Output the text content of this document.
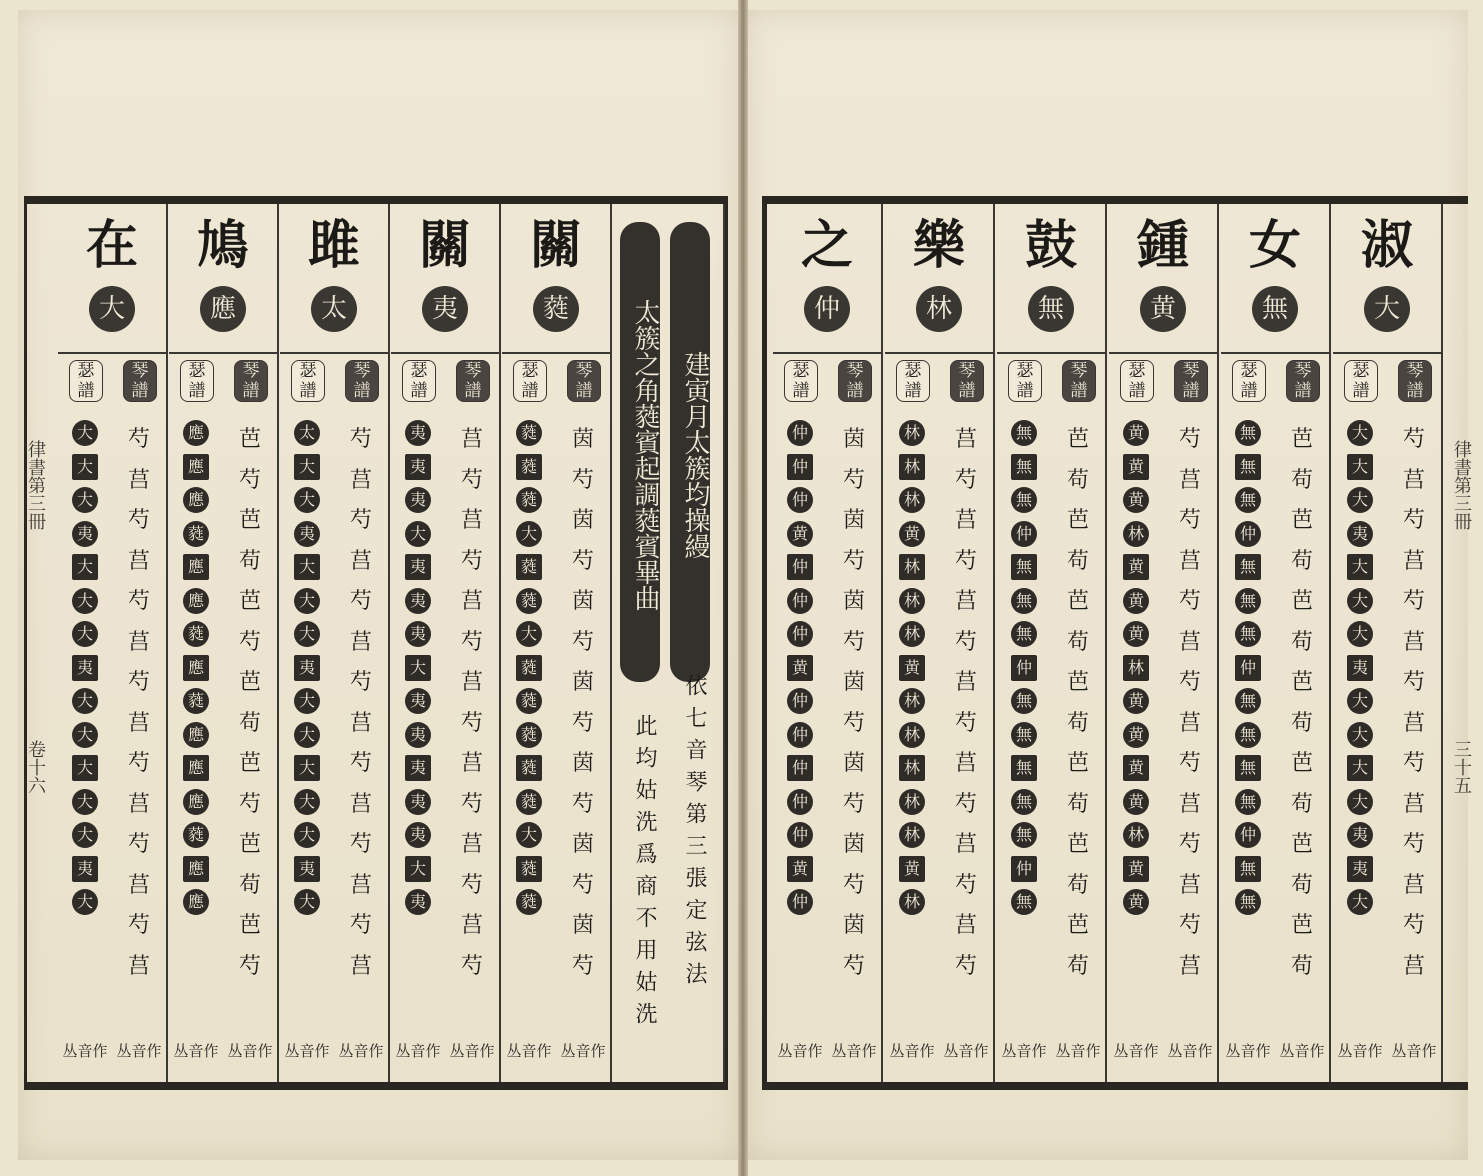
律書第三冊
卷十六
律書第三冊
三十五
建寅月太簇均操縵
太簇之角蕤賓起調蕤賓畢曲
依七音琴第三張定弦法
此均姑洗爲商不用姑洗
關
蕤
瑟譜
蕤
蕤
蕤
大
蕤
蕤
大
蕤
蕤
蕤
蕤
蕤
大
蕤
蕤
丛音作
琴譜
茵
芍
茵
芍
茵
芍
茵
芍
茵
芍
茵
芍
茵
芍
丛音作
關
夷
瑟譜
夷
夷
夷
大
夷
夷
夷
大
夷
夷
夷
夷
夷
大
夷
丛音作
琴譜
莒
芍
莒
芍
莒
芍
莒
芍
莒
芍
莒
芍
莒
芍
丛音作
雎
太
瑟譜
太
大
大
夷
大
大
大
夷
大
大
大
大
大
夷
大
丛音作
琴譜
芍
莒
芍
莒
芍
莒
芍
莒
芍
莒
芍
莒
芍
莒
丛音作
鳩
應
瑟譜
應
應
應
蕤
應
應
蕤
應
蕤
應
應
應
蕤
應
應
丛音作
琴譜
芭
芍
芭
苟
芭
芍
芭
苟
芭
芍
芭
苟
芭
芍
丛音作
在
大
瑟譜
大
大
大
夷
大
大
大
夷
大
大
大
大
大
夷
大
丛音作
琴譜
芍
莒
芍
莒
芍
莒
芍
莒
芍
莒
芍
莒
芍
莒
丛音作
淑
大
瑟譜
大
大
大
夷
大
大
大
夷
大
大
大
大
夷
夷
大
丛音作
琴譜
芍
莒
芍
莒
芍
莒
芍
莒
芍
莒
芍
莒
芍
莒
丛音作
女
無
瑟譜
無
無
無
仲
無
無
無
仲
無
無
無
無
仲
無
無
丛音作
琴譜
芭
苟
芭
苟
芭
苟
芭
苟
芭
苟
芭
苟
芭
苟
丛音作
鍾
黄
瑟譜
黄
黄
黄
林
黄
黄
黄
林
黄
黄
黄
黄
林
黄
黄
丛音作
琴譜
芍
莒
芍
莒
芍
莒
芍
莒
芍
莒
芍
莒
芍
莒
丛音作
鼓
無
瑟譜
無
無
無
仲
無
無
無
仲
無
無
無
無
無
仲
無
丛音作
琴譜
芭
苟
芭
苟
芭
苟
芭
苟
芭
苟
芭
苟
芭
苟
丛音作
樂
林
瑟譜
林
林
林
黄
林
林
林
黄
林
林
林
林
林
黄
林
丛音作
琴譜
莒
芍
莒
芍
莒
芍
莒
芍
莒
芍
莒
芍
莒
芍
丛音作
之
仲
瑟譜
仲
仲
仲
黄
仲
仲
仲
黄
仲
仲
仲
仲
仲
黄
仲
丛音作
琴譜
茵
芍
茵
芍
茵
芍
茵
芍
茵
芍
茵
芍
茵
芍
丛音作
